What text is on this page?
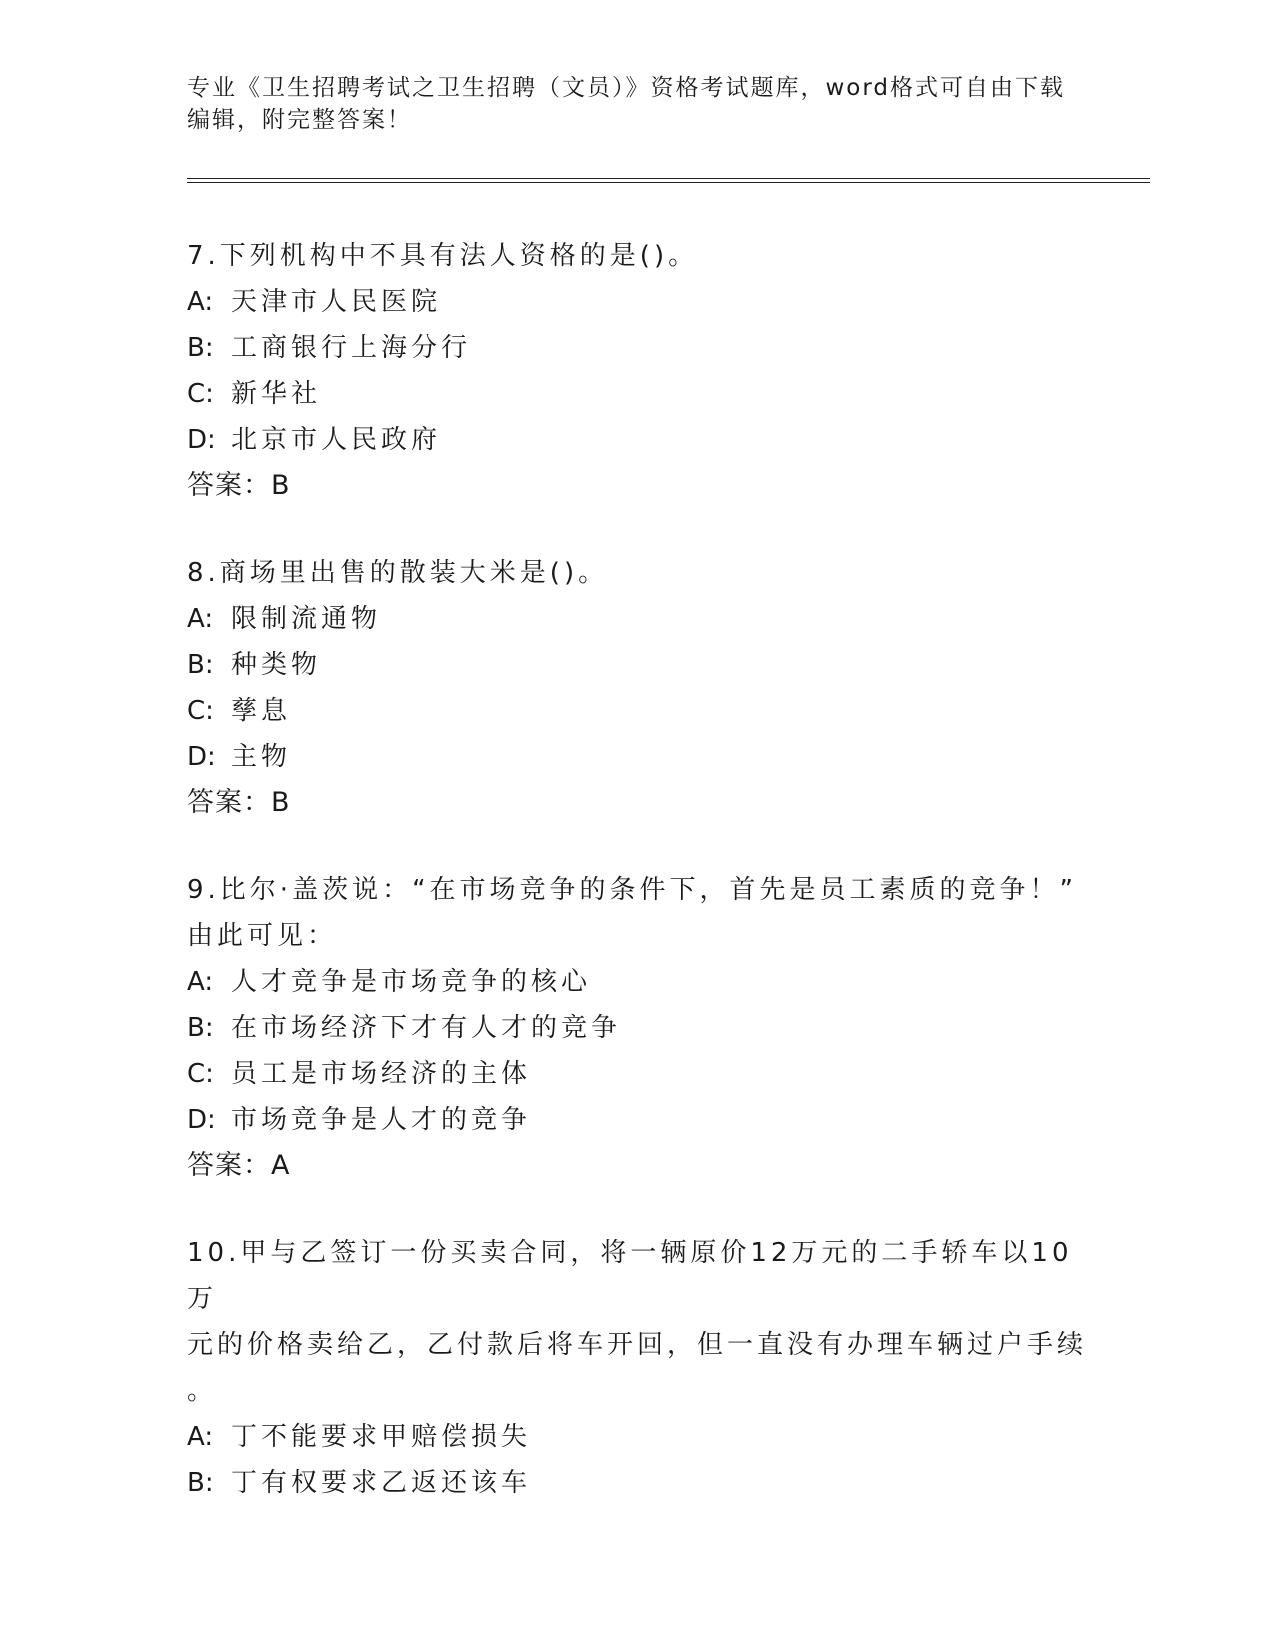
专业《卫生招聘考试之卫生招聘（文员）》资格考试题库，word格式可自由下载
编辑，附完整答案！

7.下列机构中不具有法人资格的是()。

A: 天津市人民医院
B: 工商银行上海分行
C: 新华社
D: 北京市人民政府

答案：B

8.商场里出售的散装大米是()。

A: 限制流通物
B: 种类物
C: 孳息
D: 主物

答案：B

9.比尔·盖茨说：“在市场竞争的条件下，首先是员工素质的竞争！”

由此可见：

A: 人才竞争是市场竞争的核心
B: 在市场经济下才有人才的竞争
C: 员工是市场经济的主体
D: 市场竞争是人才的竞争

答案：A

10.甲与乙签订一份买卖合同，将一辆原价12万元的二手轿车以10万

元的价格卖给乙，乙付款后将车开回，但一直没有办理车辆过户手续

。

A: 丁不能要求甲赔偿损失
B: 丁有权要求乙返还该车
